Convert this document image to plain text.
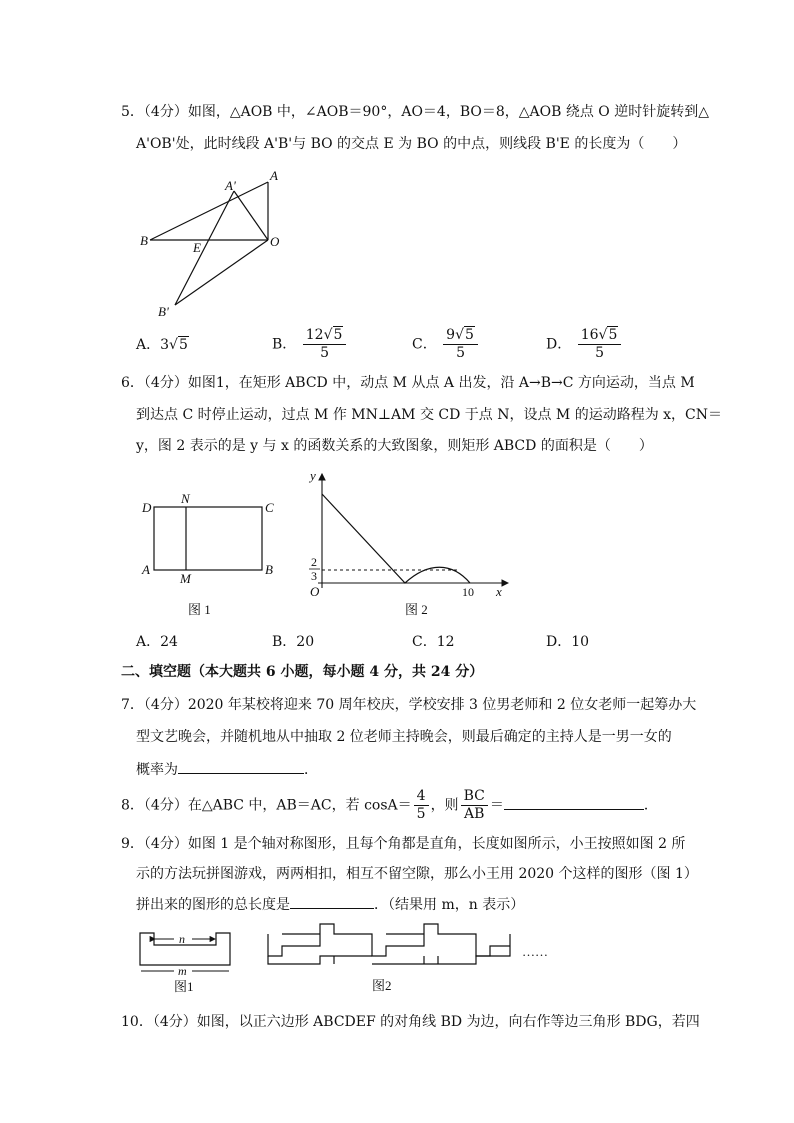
5．（4分）如图，△AOB 中，∠AOB＝90°，AO＝4，BO＝8，△AOB 绕点 O 逆时针旋转到△
A'OB'处，此时线段 A'B'与 BO 的交点 E 为 BO 的中点，则线段 B'E 的长度为（　　）
A
A'
B	E	O
B'
A．3√5	B． $\frac{12√5}{5}$	C． $\frac{9√5}{5}$	D． $\frac{16√5}{5}$
6．（4分）如图1，在矩形 ABCD 中，动点 M 从点 A 出发，沿 A→B→C 方向运动，当点 M
到达点 C 时停止运动，过点 M 作 MN⊥AM 交 CD 于点 N，设点 M 的运动路程为 x，CN＝
y，图 2 表示的是 y 与 x 的函数关系的大致图象，则矩形 ABCD 的面积是（　　）
D
N
C
A
M
B
图 1
y
2
3
O	10 x
图 2
A．24	B．20	C．12	D．10
二、填空题（本大题共 6 小题，每小题 4 分，共 24 分）
7．（4分）2020 年某校将迎来 70 周年校庆，学校安排 3 位男老师和 2 位女老师一起筹办大
型文艺晚会，并随机地从中抽取 2 位老师主持晚会，则最后确定的主持人是一男一女的
概率为	．
8．（4分）在△ABC 中，AB＝AC，若 $\cos A= \frac{4}{5}$ ，则 $\frac{BC}{AB}$ ＝	．
9．（4分）如图 1 是个轴对称图形，且每个角都是直角，长度如图所示，小王按照如图 2 所
示的方法玩拼图游戏，两两相扣，相互不留空隙，那么小王用 2020 个这样的图形（图 1）
拼出来的图形的总长度是	．（结果用 m，n 表示）
n
m
图1
……
图2
10．（4分）如图，以正六边形 ABCDEF 的对角线 BD 为边，向右作等边三角形 BDG，若四
